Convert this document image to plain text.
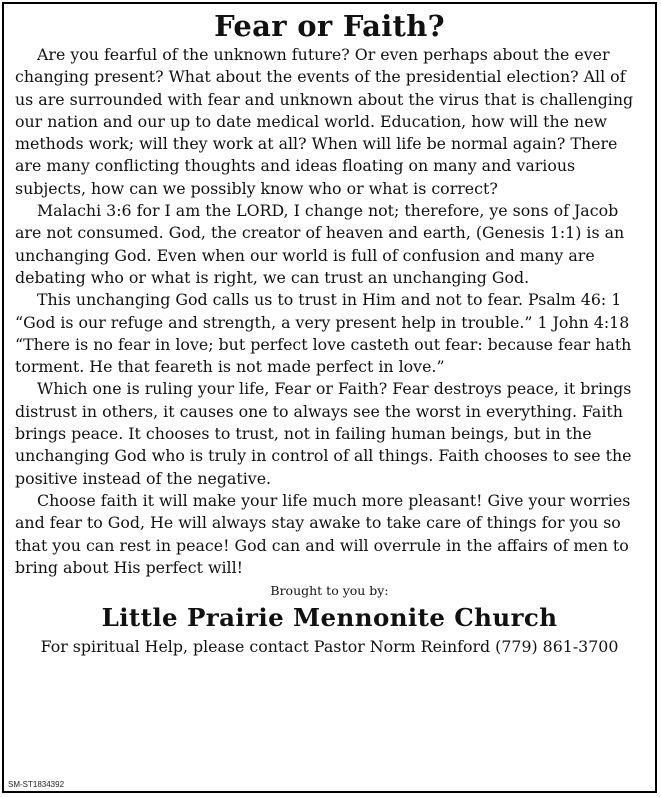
Fear or Faith?

Are you fearful of the unknown future? Or even perhaps about the ever changing present? What about the events of the presidential election? All of us are surrounded with fear and unknown about the virus that is challenging our nation and our up to date medical world. Education, how will the new methods work; will they work at all? When will life be normal again? There are many conflicting thoughts and ideas floating on many and various subjects, how can we possibly know who or what is correct?

Malachi 3:6 for I am the LORD, I change not; therefore, ye sons of Jacob are not consumed. God, the creator of heaven and earth, (Genesis 1:1) is an unchanging God. Even when our world is full of confusion and many are debating who or what is right, we can trust an unchanging God.

This unchanging God calls us to trust in Him and not to fear. Psalm 46: 1 “God is our refuge and strength, a very present help in trouble.” 1 John 4:18 “There is no fear in love; but perfect love casteth out fear: because fear hath torment. He that feareth is not made perfect in love.”

Which one is ruling your life, Fear or Faith? Fear destroys peace, it brings distrust in others, it causes one to always see the worst in everything. Faith brings peace. It chooses to trust, not in failing human beings, but in the unchanging God who is truly in control of all things. Faith chooses to see the positive instead of the negative.

Choose faith it will make your life much more pleasant! Give your worries and fear to God, He will always stay awake to take care of things for you so that you can rest in peace! God can and will overrule in the affairs of men to bring about His perfect will!

Brought to you by:

Little Prairie Mennonite Church

For spiritual Help, please contact Pastor Norm Reinford (779) 861-3700

SM-ST1834392
